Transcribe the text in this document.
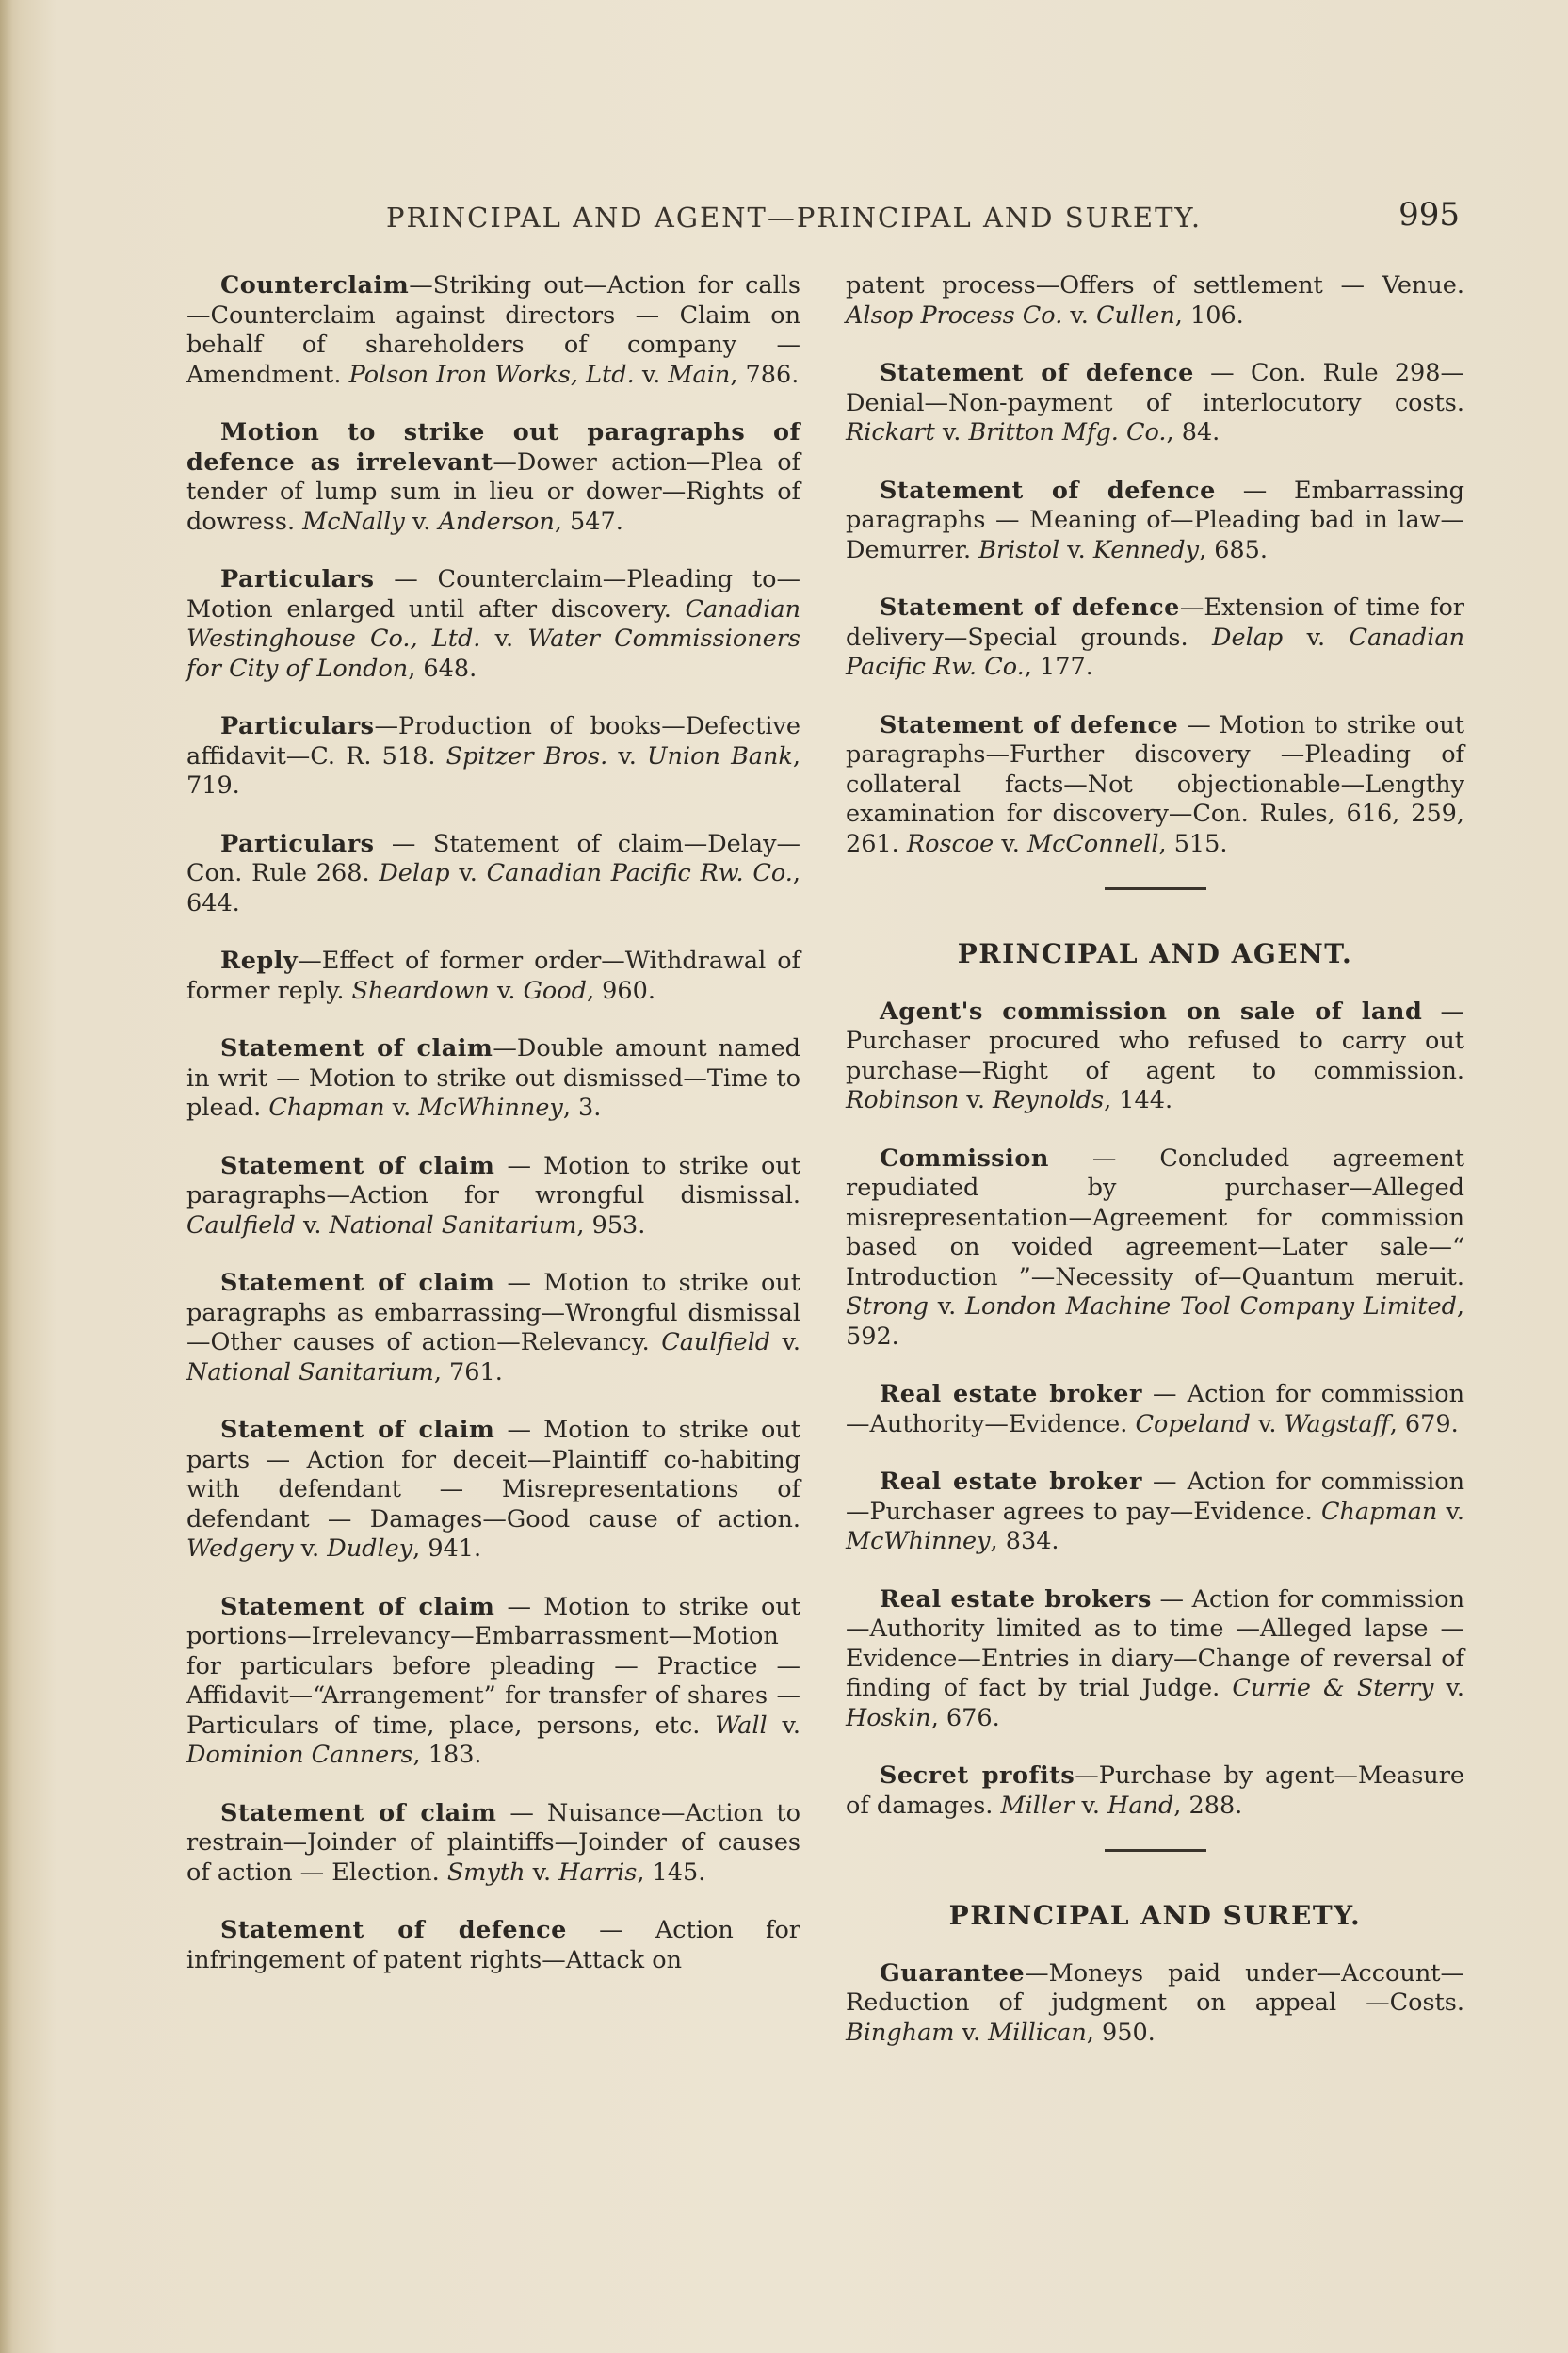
PRINCIPAL AND AGENT—PRINCIPAL AND SURETY.	995

Counterclaim—Striking out—Action for calls—Counterclaim against directors — Claim on behalf of shareholders of company — Amendment. Polson Iron Works, Ltd. v. Main, 786.

Motion to strike out paragraphs of defence as irrelevant—Dower action—Plea of tender of lump sum in lieu or dower—Rights of dowress. McNally v. Anderson, 547.

Particulars — Counterclaim—Pleading to—Motion enlarged until after discovery. Canadian Westinghouse Co., Ltd. v. Water Commissioners for City of London, 648.

Particulars—Production of books—Defective affidavit—C. R. 518. Spitzer Bros. v. Union Bank, 719.

Particulars — Statement of claim—Delay—Con. Rule 268. Delap v. Canadian Pacific Rw. Co., 644.

Reply—Effect of former order—Withdrawal of former reply. Sheardown v. Good, 960.

Statement of claim—Double amount named in writ — Motion to strike out dismissed—Time to plead. Chapman v. McWhinney, 3.

Statement of claim — Motion to strike out paragraphs—Action for wrongful dismissal. Caulfield v. National Sanitarium, 953.

Statement of claim — Motion to strike out paragraphs as embarrassing—Wrongful dismissal—Other causes of action—Relevancy. Caulfield v. National Sanitarium, 761.

Statement of claim — Motion to strike out parts — Action for deceit—Plaintiff co-habiting with defendant — Misrepresentations of defendant — Damages—Good cause of action. Wedgery v. Dudley, 941.

Statement of claim — Motion to strike out portions—Irrelevancy—Embarrassment—Motion for particulars before pleading — Practice — Affidavit—“Arrangement” for transfer of shares — Particulars of time, place, persons, etc. Wall v. Dominion Canners, 183.

Statement of claim — Nuisance—Action to restrain—Joinder of plaintiffs—Joinder of causes of action — Election. Smyth v. Harris, 145.

Statement of defence — Action for infringement of patent rights—Attack on

patent process—Offers of settlement — Venue. Alsop Process Co. v. Cullen, 106.

Statement of defence — Con. Rule 298—Denial—Non-payment of interlocutory costs. Rickart v. Britton Mfg. Co., 84.

Statement of defence — Embarrassing paragraphs — Meaning of—Pleading bad in law—Demurrer. Bristol v. Kennedy, 685.

Statement of defence—Extension of time for delivery—Special grounds. Delap v. Canadian Pacific Rw. Co., 177.

Statement of defence — Motion to strike out paragraphs—Further discovery —Pleading of collateral facts—Not objectionable—Lengthy examination for discovery—Con. Rules, 616, 259, 261. Roscoe v. McConnell, 515.

PRINCIPAL AND AGENT.

Agent's commission on sale of land — Purchaser procured who refused to carry out purchase—Right of agent to commission. Robinson v. Reynolds, 144.

Commission — Concluded agreement repudiated by purchaser—Alleged misrepresentation—Agreement for commission based on voided agreement—Later sale—“ Introduction ”—Necessity of—Quantum meruit. Strong v. London Machine Tool Company Limited, 592.

Real estate broker — Action for commission—Authority—Evidence. Copeland v. Wagstaff, 679.

Real estate broker — Action for commission—Purchaser agrees to pay—Evidence. Chapman v. McWhinney, 834.

Real estate brokers — Action for commission—Authority limited as to time —Alleged lapse — Evidence—Entries in diary—Change of reversal of finding of fact by trial Judge. Currie & Sterry v. Hoskin, 676.

Secret profits—Purchase by agent—Measure of damages. Miller v. Hand, 288.

PRINCIPAL AND SURETY.

Guarantee—Moneys paid under—Account—Reduction of judgment on appeal —Costs. Bingham v. Millican, 950.
